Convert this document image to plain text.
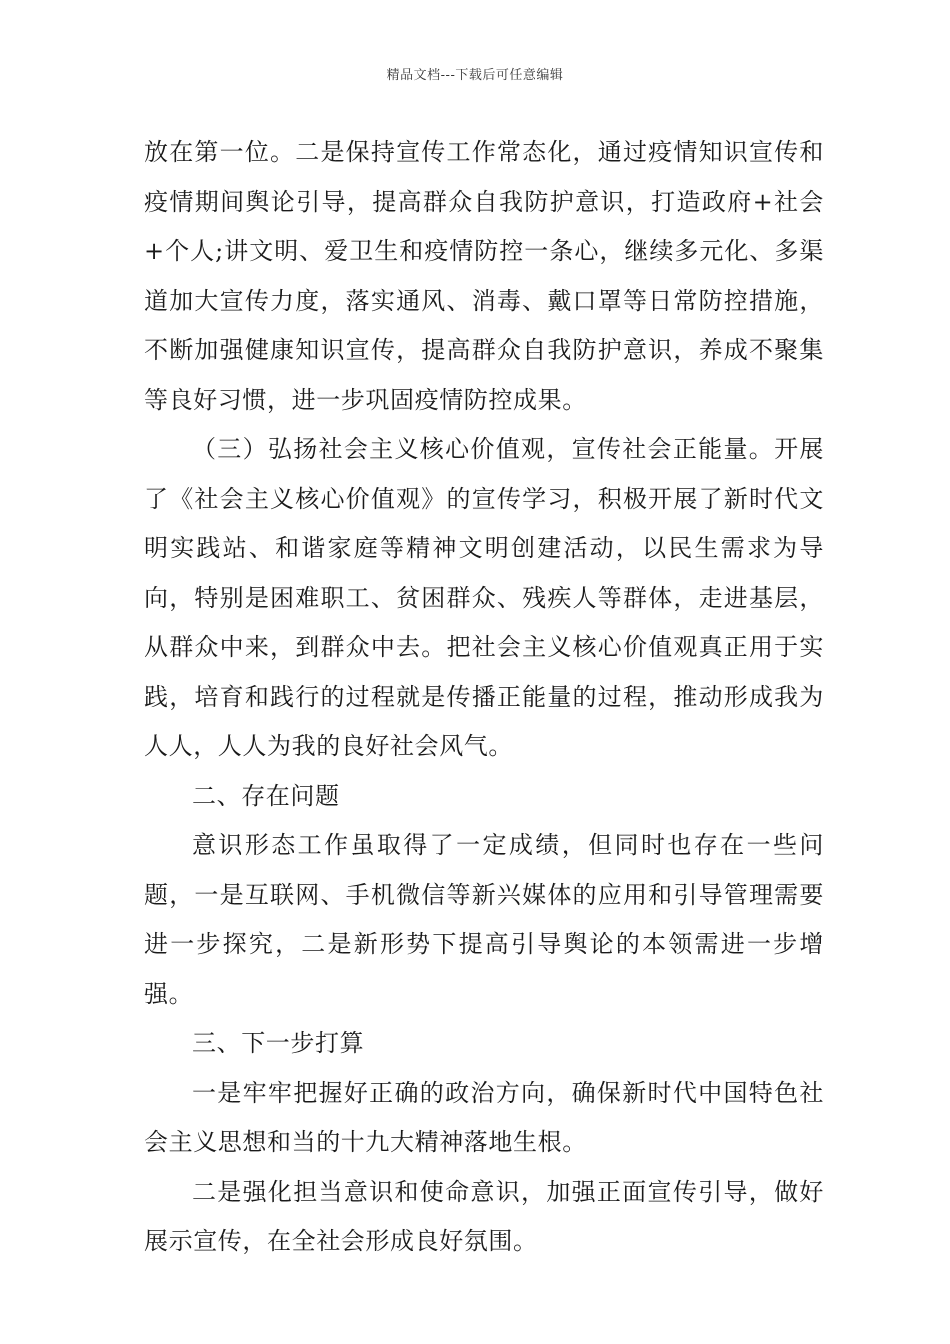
精品文档---下载后可任意编辑

放在第一位。二是保持宣传工作常态化，通过疫情知识宣传和疫情期间舆论引导，提高群众自我防护意识，打造政府+社会+个人;讲文明、爱卫生和疫情防控一条心，继续多元化、多渠道加大宣传力度，落实通风、消毒、戴口罩等日常防控措施，不断加强健康知识宣传，提高群众自我防护意识，养成不聚集等良好习惯，进一步巩固疫情防控成果。

（三）弘扬社会主义核心价值观，宣传社会正能量。开展了《社会主义核心价值观》的宣传学习，积极开展了新时代文明实践站、和谐家庭等精神文明创建活动，以民生需求为导向，特别是困难职工、贫困群众、残疾人等群体，走进基层，从群众中来，到群众中去。把社会主义核心价值观真正用于实践，培育和践行的过程就是传播正能量的过程，推动形成我为人人，人人为我的良好社会风气。

二、存在问题

意识形态工作虽取得了一定成绩，但同时也存在一些问题，一是互联网、手机微信等新兴媒体的应用和引导管理需要进一步探究，二是新形势下提高引导舆论的本领需进一步增强。

三、下一步打算

一是牢牢把握好正确的政治方向，确保新时代中国特色社会主义思想和当的十九大精神落地生根。

二是强化担当意识和使命意识，加强正面宣传引导，做好展示宣传，在全社会形成良好氛围。
